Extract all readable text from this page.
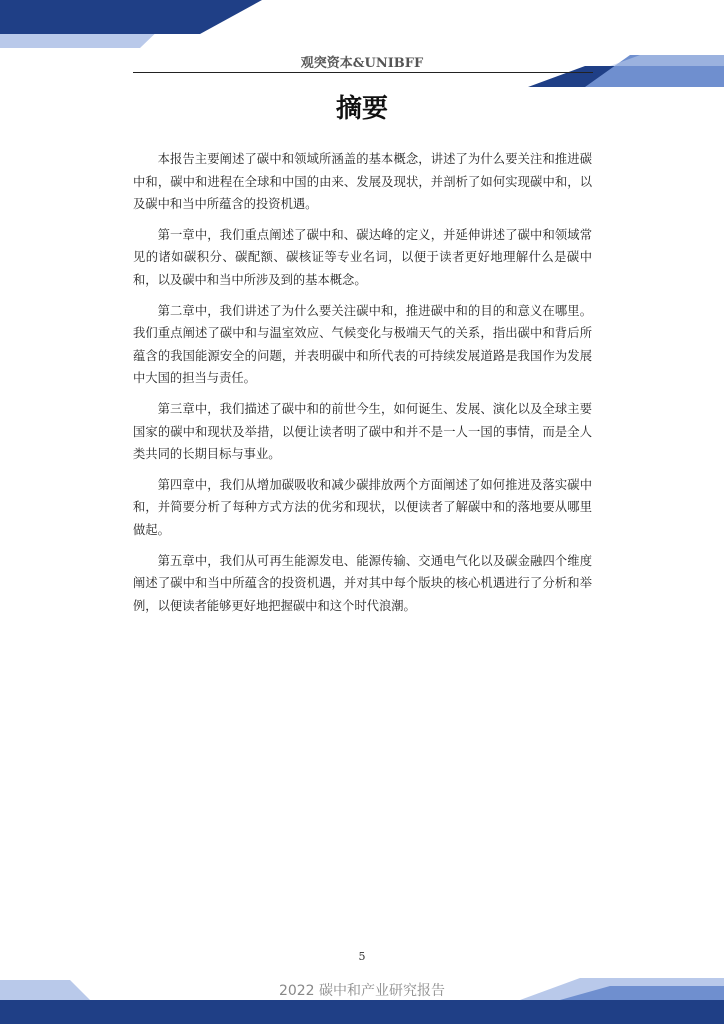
观突资本&UNIBFF
摘要

本报告主要阐述了碳中和领域所涵盖的基本概念，讲述了为什么要关注和推进碳中和，碳中和进程在全球和中国的由来、发展及现状，并剖析了如何实现碳中和，以及碳中和当中所蕴含的投资机遇。

第一章中，我们重点阐述了碳中和、碳达峰的定义，并延伸讲述了碳中和领域常见的诸如碳积分、碳配额、碳核证等专业名词，以便于读者更好地理解什么是碳中和，以及碳中和当中所涉及到的基本概念。

第二章中，我们讲述了为什么要关注碳中和，推进碳中和的目的和意义在哪里。我们重点阐述了碳中和与温室效应、气候变化与极端天气的关系，指出碳中和背后所蕴含的我国能源安全的问题，并表明碳中和所代表的可持续发展道路是我国作为发展中大国的担当与责任。

第三章中，我们描述了碳中和的前世今生，如何诞生、发展、演化以及全球主要国家的碳中和现状及举措，以便让读者明了碳中和并不是一人一国的事情，而是全人类共同的长期目标与事业。

第四章中，我们从增加碳吸收和减少碳排放两个方面阐述了如何推进及落实碳中和，并简要分析了每种方式方法的优劣和现状，以便读者了解碳中和的落地要从哪里做起。

第五章中，我们从可再生能源发电、能源传输、交通电气化以及碳金融四个维度阐述了碳中和当中所蕴含的投资机遇，并对其中每个版块的核心机遇进行了分析和举例，以便读者能够更好地把握碳中和这个时代浪潮。

5
2022 碳中和产业研究报告
